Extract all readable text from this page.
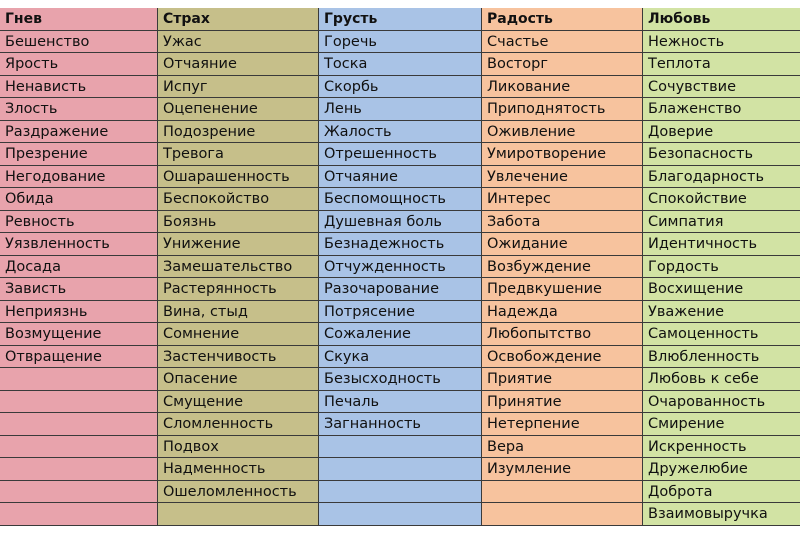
Гнев
Бешенство
Ярость
Ненависть
Злость
Раздражение
Презрение
Негодование
Обида
Ревность
Уязвленность
Досада
Зависть
Неприязнь
Возмущение
Отвращение
Страх
Ужас
Отчаяние
Испуг
Оцепенение
Подозрение
Тревога
Ошарашенность
Беспокойство
Боязнь
Унижение
Замешательство
Растерянность
Вина, стыд
Сомнение
Застенчивость
Опасение
Смущение
Сломленность
Подвох
Надменность
Ошеломленность
Грусть
Горечь
Тоска
Скорбь
Лень
Жалость
Отрешенность
Отчаяние
Беспомощность
Душевная боль
Безнадежность
Отчужденность
Разочарование
Потрясение
Сожаление
Скука
Безысходность
Печаль
Загнанность
Радость
Счастье
Восторг
Ликование
Приподнятость
Оживление
Умиротворение
Увлечение
Интерес
Забота
Ожидание
Возбуждение
Предвкушение
Надежда
Любопытство
Освобождение
Приятие
Принятие
Нетерпение
Вера
Изумление
Любовь
Нежность
Теплота
Сочувствие
Блаженство
Доверие
Безопасность
Благодарность
Спокойствие
Симпатия
Идентичность
Гордость
Восхищение
Уважение
Самоценность
Влюбленность
Любовь к себе
Очарованность
Смирение
Искренность
Дружелюбие
Доброта
Взаимовыручка
